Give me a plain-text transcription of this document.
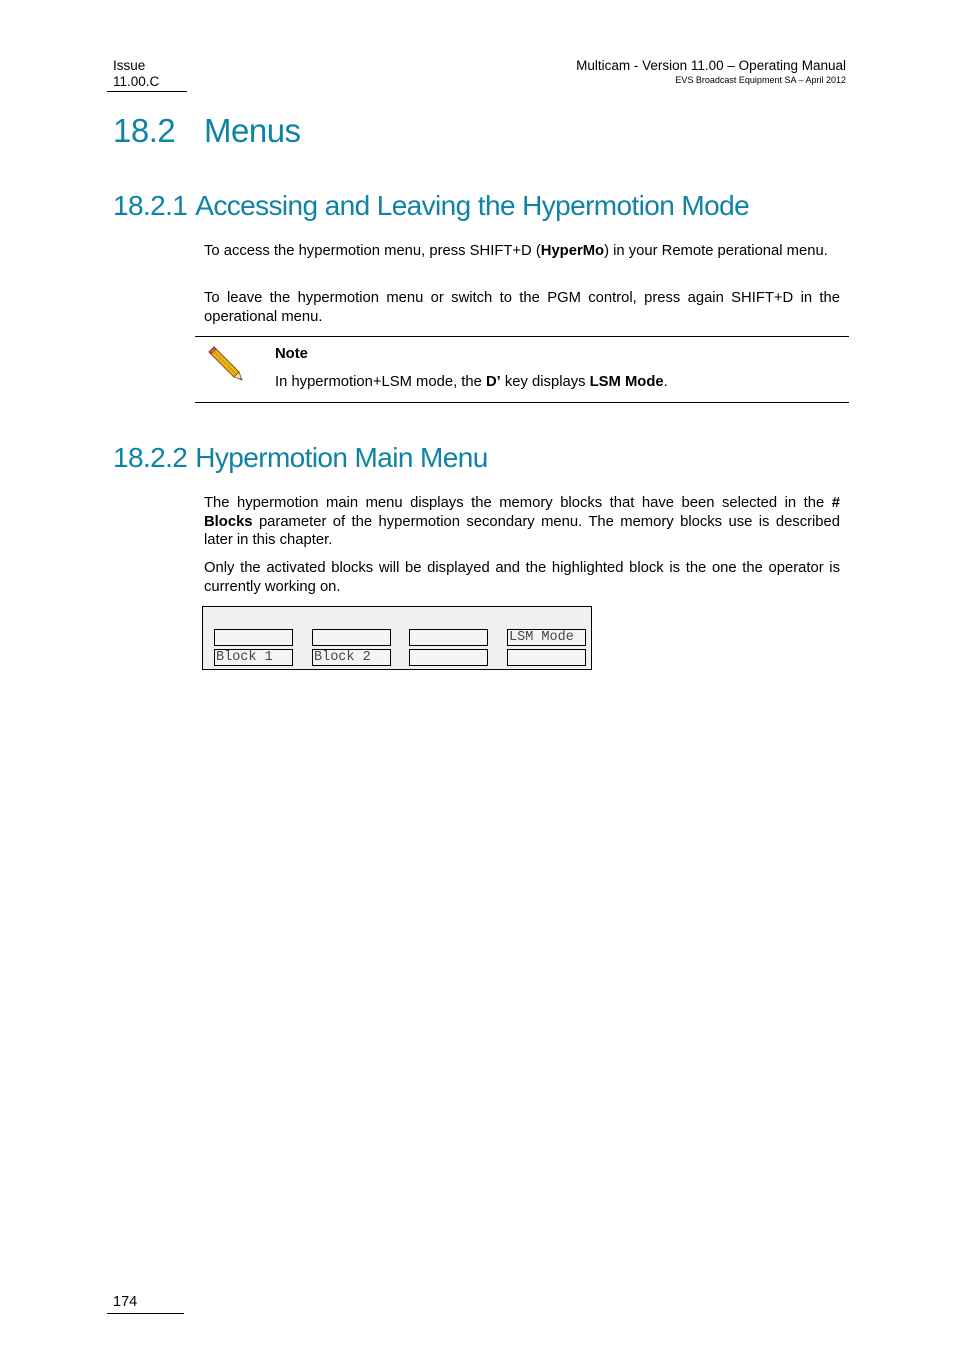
Issue
11.00.C
Multicam - Version 11.00 – Operating Manual
EVS Broadcast Equipment SA – April 2012
18.2 Menus
18.2.1 Accessing and Leaving the Hypermotion Mode
To access the hypermotion menu, press SHIFT+D (HyperMo) in your Remote perational menu.
To leave the hypermotion menu or switch to the PGM control, press again SHIFT+D in the operational menu.
Note
In hypermotion+LSM mode, the D’ key displays LSM Mode.
18.2.2 Hypermotion Main Menu
The hypermotion main menu displays the memory blocks that have been selected in the # Blocks parameter of the hypermotion secondary menu. The memory blocks use is described later in this chapter.
Only the activated blocks will be displayed and the highlighted block is the one the operator is currently working on.
LSM Mode
Block 1	Block 2
174
